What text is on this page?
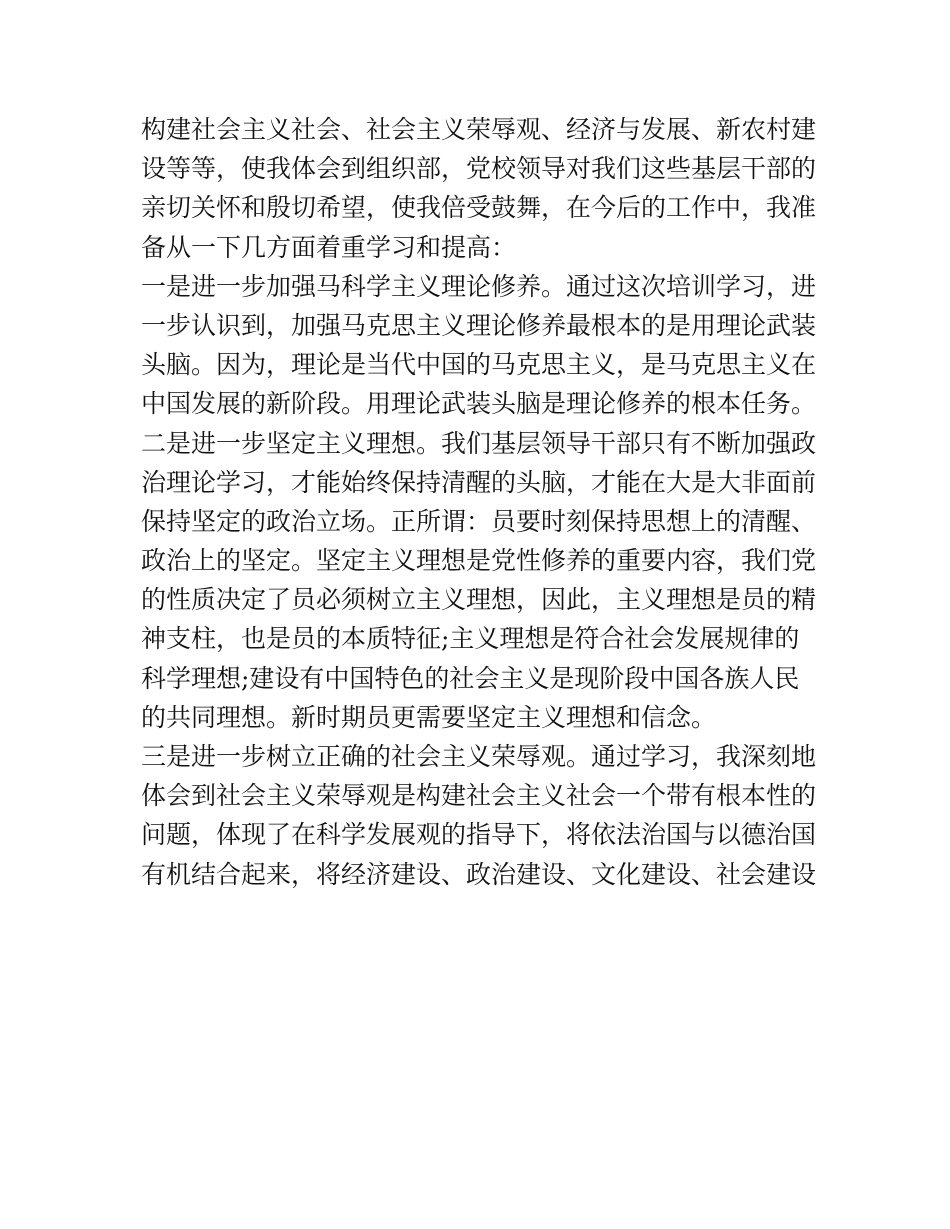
构建社会主义社会、社会主义荣辱观、经济与发展、新农村建
设等等，使我体会到组织部，党校领导对我们这些基层干部的
亲切关怀和殷切希望，使我倍受鼓舞，在今后的工作中，我准
备从一下几方面着重学习和提高：
一是进一步加强马科学主义理论修养。通过这次培训学习，进
一步认识到，加强马克思主义理论修养最根本的是用理论武装
头脑。因为，理论是当代中国的马克思主义，是马克思主义在
中国发展的新阶段。用理论武装头脑是理论修养的根本任务。
二是进一步坚定主义理想。我们基层领导干部只有不断加强政
治理论学习，才能始终保持清醒的头脑，才能在大是大非面前
保持坚定的政治立场。正所谓：员要时刻保持思想上的清醒、
政治上的坚定。坚定主义理想是党性修养的重要内容，我们党
的性质决定了员必须树立主义理想，因此，主义理想是员的精
神支柱，也是员的本质特征;主义理想是符合社会发展规律的
科学理想;建设有中国特色的社会主义是现阶段中国各族人民
的共同理想。新时期员更需要坚定主义理想和信念。
三是进一步树立正确的社会主义荣辱观。通过学习，我深刻地
体会到社会主义荣辱观是构建社会主义社会一个带有根本性的
问题，体现了在科学发展观的指导下，将依法治国与以德治国
有机结合起来，将经济建设、政治建设、文化建设、社会建设
